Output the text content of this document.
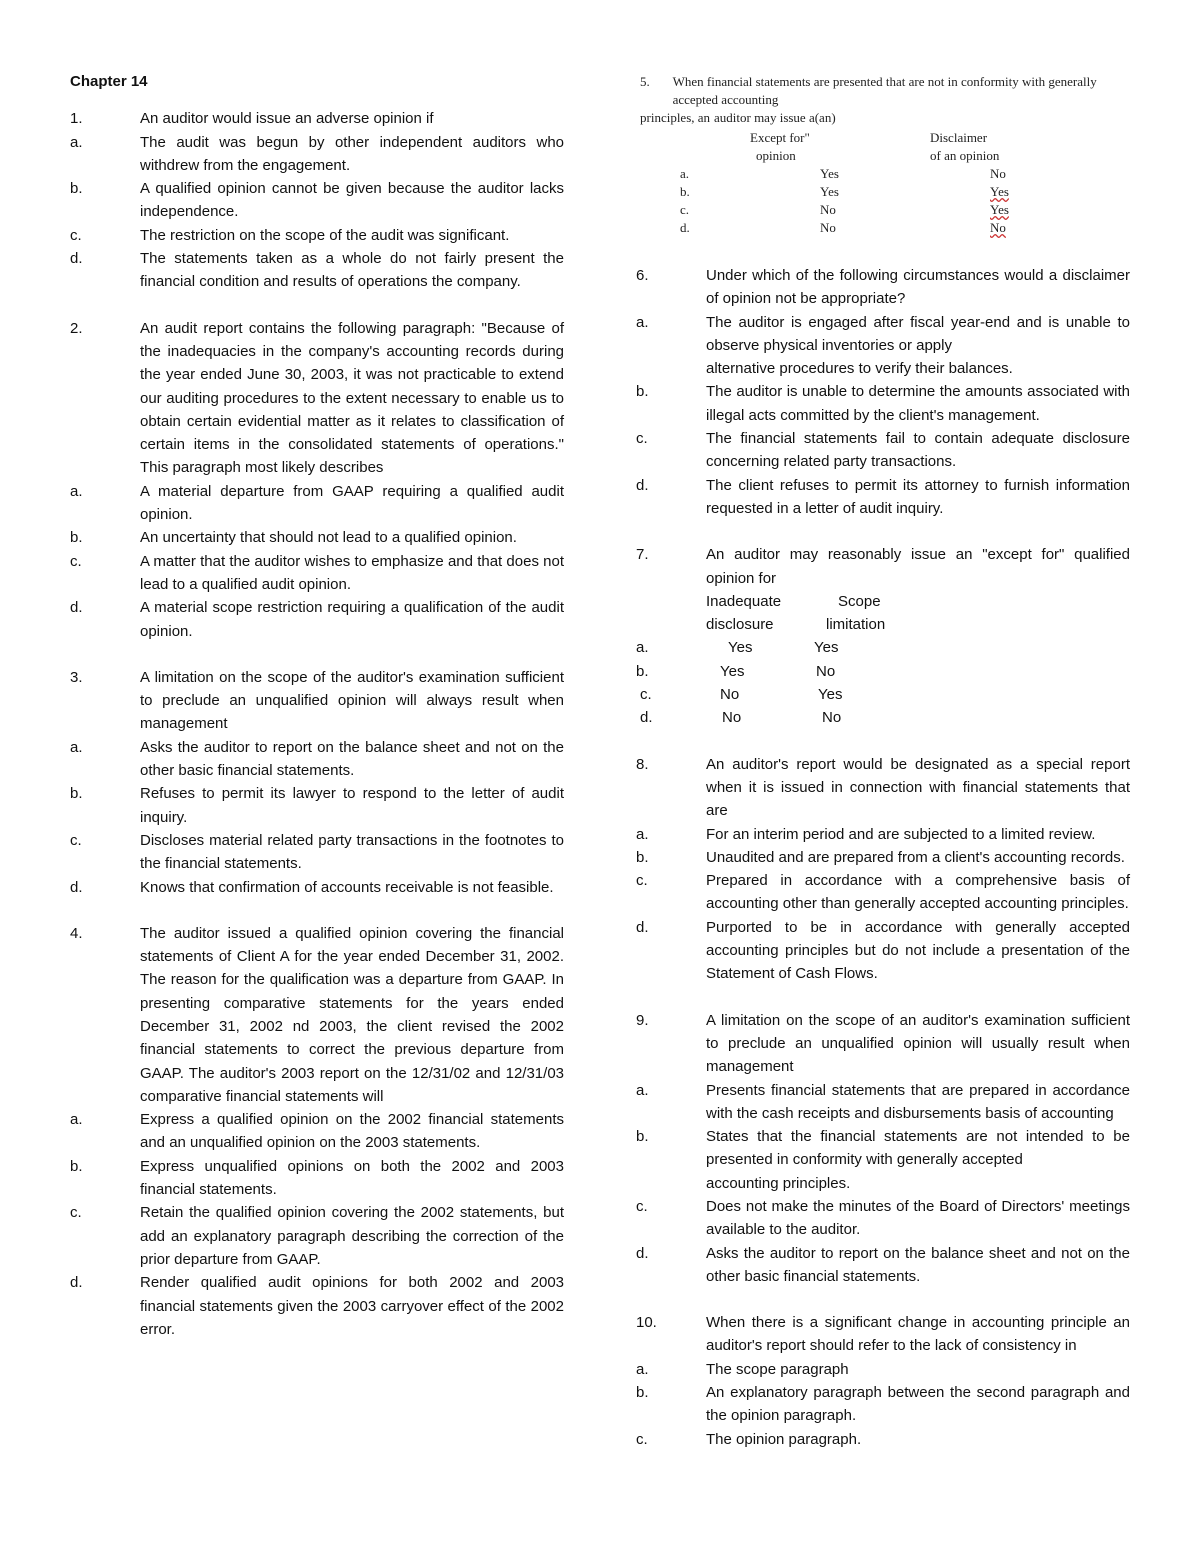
Chapter 14
1.	An auditor would issue an adverse opinion if
a.	The audit was begun by other independent auditors who withdrew from the engagement.
b.	A qualified opinion cannot be given because the auditor lacks independence.
c.	The restriction on the scope of the audit was significant.
d.	The statements taken as a whole do not fairly present the financial condition and results of operations the company.
2.	An audit report contains the following paragraph: "Because of the inadequacies in the company's accounting records during the year ended June 30, 2003, it was not practicable to extend our auditing procedures to the extent necessary to enable us to obtain certain evidential matter as it relates to classification of certain items in the consolidated statements of operations." This paragraph most likely describes
a.	A material departure from GAAP requiring a qualified audit opinion.
b.	An uncertainty that should not lead to a qualified opinion.
c.	A matter that the auditor wishes to emphasize and that does not lead to a qualified audit opinion.
d.	A material scope restriction requiring a qualification of the audit opinion.
3.	A limitation on the scope of the auditor's examination sufficient to preclude an unqualified opinion will always result when management
a.	Asks the auditor to report on the balance sheet and not on the other basic financial statements.
b.	Refuses to permit its lawyer to respond to the letter of audit inquiry.
c.	Discloses material related party transactions in the footnotes to the financial statements.
d.	Knows that confirmation of accounts receivable is not feasible.
4.	The auditor issued a qualified opinion covering the financial statements of Client A for the year ended December 31, 2002. The reason for the qualification was a departure from GAAP. In presenting comparative statements for the years ended December 31, 2002 nd 2003, the client revised the 2002 financial statements to correct the previous departure from GAAP. The auditor's 2003 report on the 12/31/02 and 12/31/03 comparative financial statements will
a.	Express a qualified opinion on the 2002 financial statements and an unqualified opinion on the 2003 statements.
b.	Express unqualified opinions on both the 2002 and 2003 financial statements.
c.	Retain the qualified opinion covering the 2002 statements, but add an explanatory paragraph describing the correction of the prior departure from GAAP.
d.	Render qualified audit opinions for both 2002 and 2003 financial statements given the 2003 carryover effect of the 2002 error.
5.	When financial statements are presented that are not in conformity with generally accepted accounting
principles, an auditor may issue a(an)
Except for"	Disclaimer
opinion	of an opinion
a.	Yes	No
b.	Yes	Yes
c.	No	Yes
d.	No	No
6.	Under which of the following circumstances would a disclaimer of opinion not be appropriate?
a.	The auditor is engaged after fiscal year-end and is unable to observe physical inventories or apply
alternative procedures to verify their balances.
b.	The auditor is unable to determine the amounts associated with illegal acts committed by the client's management.
c.	The financial statements fail to contain adequate disclosure concerning related party transactions.
d.	The client refuses to permit its attorney to furnish information requested in a letter of audit inquiry.
7.	An auditor may reasonably issue an "except for" qualified opinion for
Inadequate	Scope
disclosure	limitation
a.	Yes	Yes
b.	Yes	No
c.	No	Yes
d.	No	No
8.	An auditor's report would be designated as a special report when it is issued in connection with financial statements that are
a.	For an interim period and are subjected to a limited review.
b.	Unaudited and are prepared from a client's accounting records.
c.	Prepared in accordance with a comprehensive basis of accounting other than generally accepted accounting principles.
d.	Purported to be in accordance with generally accepted accounting principles but do not include a presentation of the Statement of Cash Flows.
9.	A limitation on the scope of an auditor's examination sufficient to preclude an unqualified opinion will usually result when management
a.	Presents financial statements that are prepared in accordance with the cash receipts and disbursements basis of accounting
b.	States that the financial statements are not intended to be presented in conformity with generally accepted
accounting principles.
c.	Does not make the minutes of the Board of Directors' meetings available to the auditor.
d.	Asks the auditor to report on the balance sheet and not on the other basic financial statements.
10.	When there is a significant change in accounting principle an auditor's report should refer to the lack of consistency in
a.	The scope paragraph
b.	An explanatory paragraph between the second paragraph and the opinion paragraph.
c.	The opinion paragraph.
